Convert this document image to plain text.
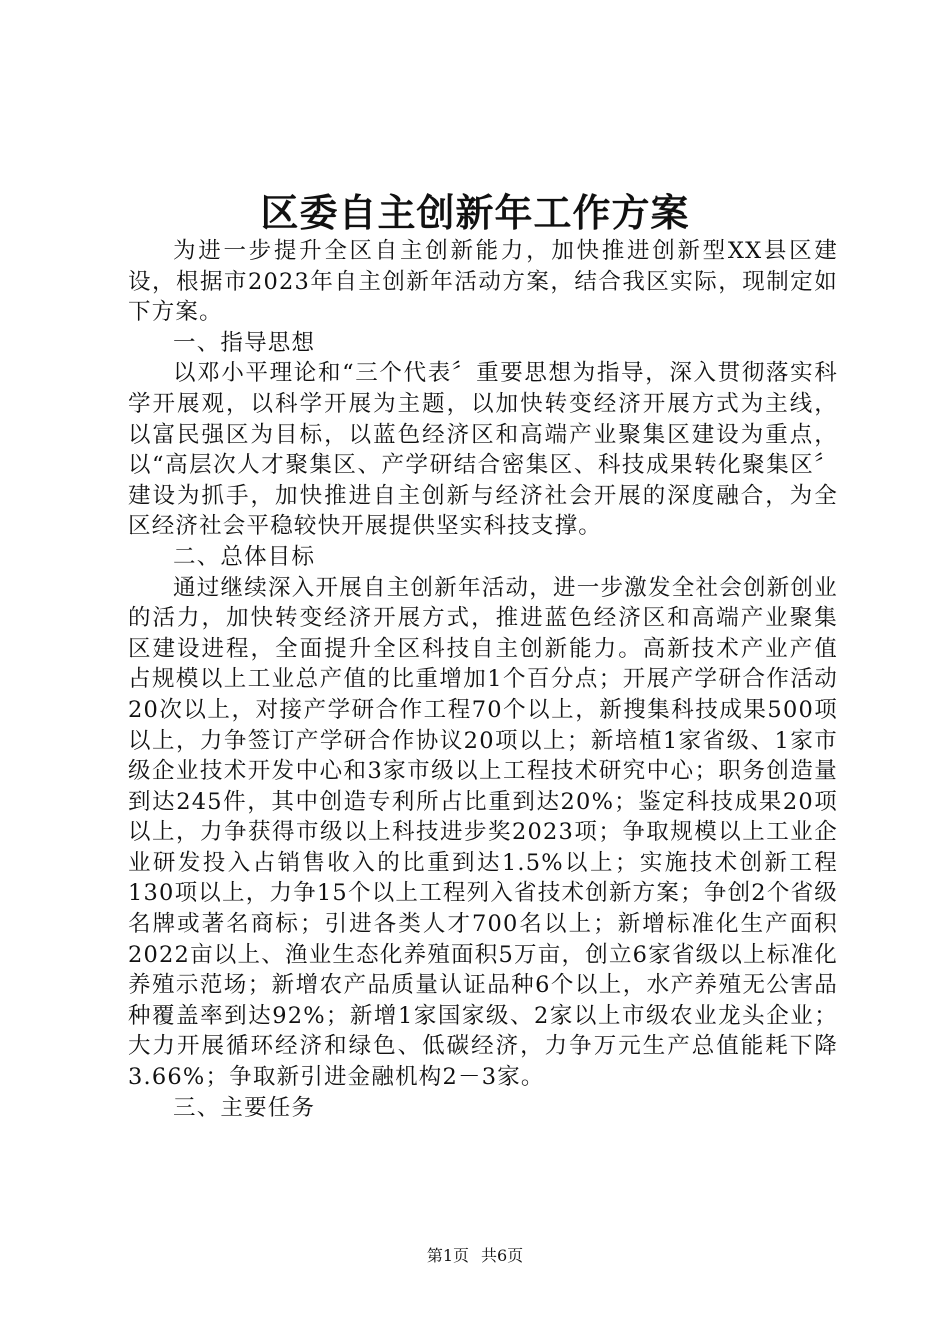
区委自主创新年工作方案

为进一步提升全区自主创新能力，加快推进创新型XX县区建设，根据市2023年自主创新年活动方案，结合我区实际，现制定如下方案。

一、指导思想

以邓小平理论和“三个代表〞重要思想为指导，深入贯彻落实科学开展观，以科学开展为主题，以加快转变经济开展方式为主线，以富民强区为目标，以蓝色经济区和高端产业聚集区建设为重点，以“高层次人才聚集区、产学研结合密集区、科技成果转化聚集区〞建设为抓手，加快推进自主创新与经济社会开展的深度融合，为全区经济社会平稳较快开展提供坚实科技支撑。

二、总体目标

通过继续深入开展自主创新年活动，进一步激发全社会创新创业的活力，加快转变经济开展方式，推进蓝色经济区和高端产业聚集区建设进程，全面提升全区科技自主创新能力。高新技术产业产值占规模以上工业总产值的比重增加1个百分点；开展产学研合作活动20次以上，对接产学研合作工程70个以上，新搜集科技成果500项以上，力争签订产学研合作协议20项以上；新培植1家省级、1家市级企业技术开发中心和3家市级以上工程技术研究中心；职务创造量到达245件，其中创造专利所占比重到达20%；鉴定科技成果20项以上，力争获得市级以上科技进步奖2023项；争取规模以上工业企业研发投入占销售收入的比重到达1.5%以上；实施技术创新工程130项以上，力争15个以上工程列入省技术创新方案；争创2个省级名牌或著名商标；引进各类人才700名以上；新增标准化生产面积2022亩以上、渔业生态化养殖面积5万亩，创立6家省级以上标准化养殖示范场；新增农产品质量认证品种6个以上，水产养殖无公害品种覆盖率到达92%；新增1家国家级、2家以上市级农业龙头企业；大力开展循环经济和绿色、低碳经济，力争万元生产总值能耗下降3.66%；争取新引进金融机构2－3家。

三、主要任务

第1页 共6页
